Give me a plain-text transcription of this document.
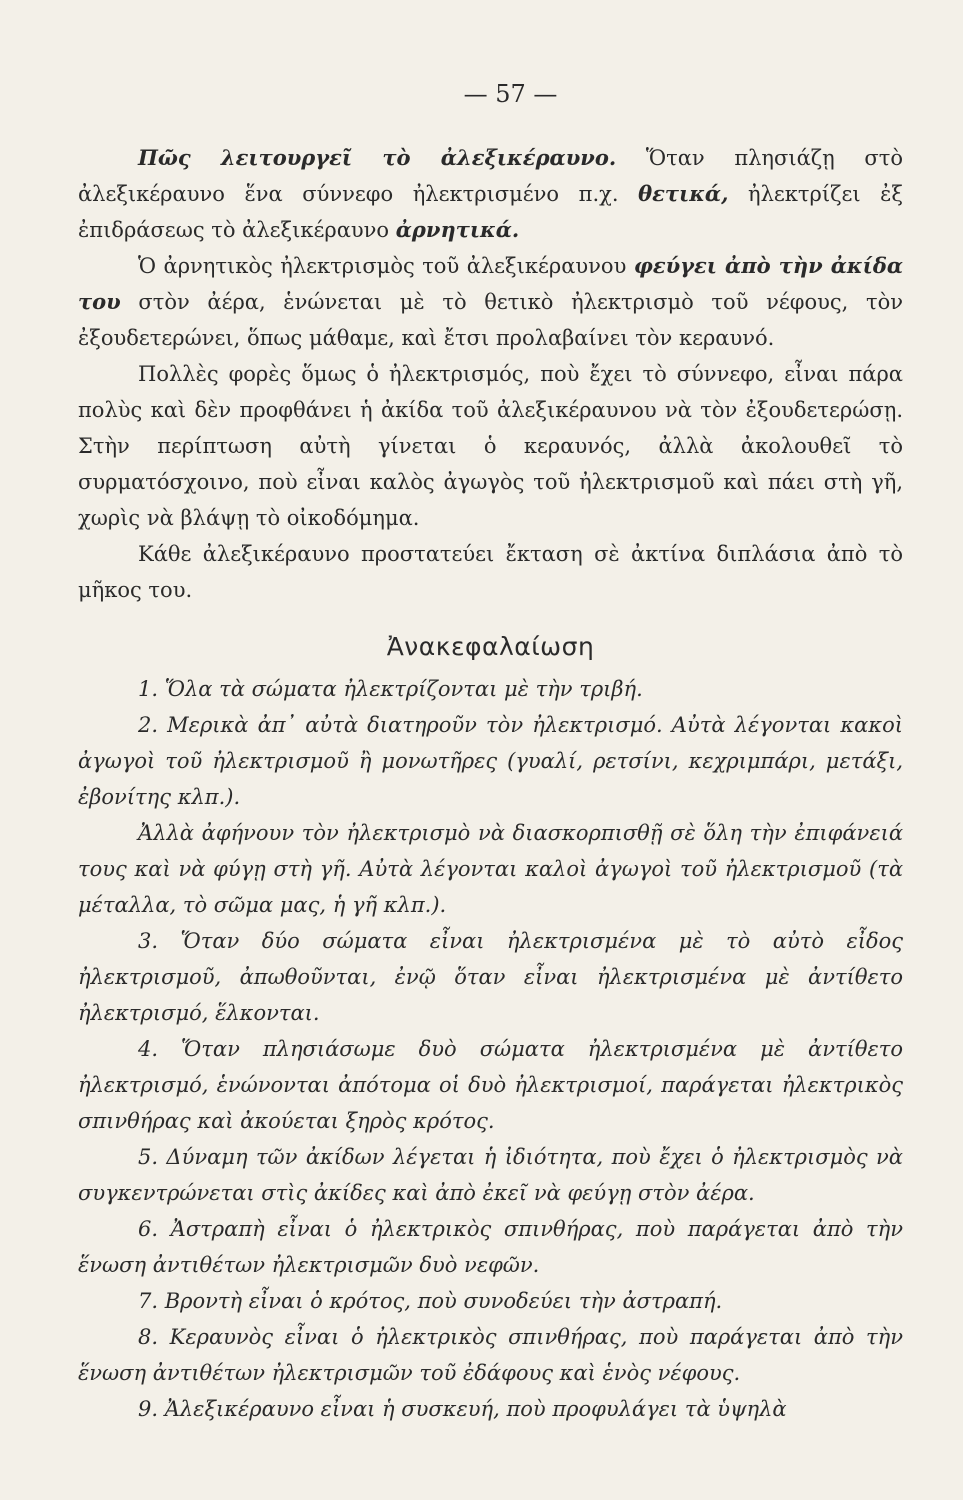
— 57 —

Πῶς λειτουργεῖ τὸ ἀλεξικέραυνο. Ὅταν πλησιάζῃ στὸ ἀλεξικέραυνο ἕνα σύννεφο ἠλεκτρισμένο π.χ. θετικά, ἠλεκτρίζει ἐξ ἐπιδράσεως τὸ ἀλεξικέραυνο ἀρνητικά.

Ὁ ἀρνητικὸς ἠλεκτρισμὸς τοῦ ἀλεξικέραυνου φεύγει ἀπὸ τὴν ἀκίδα του στὸν ἀέρα, ἑνώνεται μὲ τὸ θετικὸ ἠλεκτρισμὸ τοῦ νέφους, τὸν ἐξουδετερώνει, ὅπως μάθαμε, καὶ ἔτσι προλαβαίνει τὸν κεραυνό.

Πολλὲς φορὲς ὅμως ὁ ἠλεκτρισμός, ποὺ ἔχει τὸ σύννεφο, εἶναι πάρα πολὺς καὶ δὲν προφθάνει ἡ ἀκίδα τοῦ ἀλεξικέραυνου νὰ τὸν ἐξουδετερώσῃ. Στὴν περίπτωση αὐτὴ γίνεται ὁ κεραυνός, ἀλλὰ ἀκολουθεῖ τὸ συρματόσχοινο, ποὺ εἶναι καλὸς ἀγωγὸς τοῦ ἠλεκτρισμοῦ καὶ πάει στὴ γῆ, χωρὶς νὰ βλάψῃ τὸ οἰκοδόμημα.

Κάθε ἀλεξικέραυνο προστατεύει ἔκταση σὲ ἀκτίνα διπλάσια ἀπὸ τὸ μῆκος του.

Ἀνακεφαλαίωση

1. Ὅλα τὰ σώματα ἠλεκτρίζονται μὲ τὴν τριβή.

2. Μερικὰ ἀπ᾽ αὐτὰ διατηροῦν τὸν ἠλεκτρισμό. Αὐτὰ λέγονται κακοὶ ἀγωγοὶ τοῦ ἠλεκτρισμοῦ ἢ μονωτῆρες (γυαλί, ρετσίνι, κεχριμπάρι, μετάξι, ἐβονίτης κλπ.).

Ἀλλὰ ἀφήνουν τὸν ἠλεκτρισμὸ νὰ διασκορπισθῇ σὲ ὅλη τὴν ἐπιφάνειά τους καὶ νὰ φύγῃ στὴ γῆ. Αὐτὰ λέγονται καλοὶ ἀγωγοὶ τοῦ ἠλεκτρισμοῦ (τὰ μέταλλα, τὸ σῶμα μας, ἡ γῆ κλπ.).

3. Ὅταν δύο σώματα εἶναι ἠλεκτρισμένα μὲ τὸ αὐτὸ εἶδος ἠλεκτρισμοῦ, ἀπωθοῦνται, ἐνῷ ὅταν εἶναι ἠλεκτρισμένα μὲ ἀντίθετο ἠλεκτρισμό, ἕλκονται.

4. Ὅταν πλησιάσωμε δυὸ σώματα ἠλεκτρισμένα μὲ ἀντίθετο ἠλεκτρισμό, ἑνώνονται ἀπότομα οἱ δυὸ ἠλεκτρισμοί, παράγεται ἠλεκτρικὸς σπινθήρας καὶ ἀκούεται ξηρὸς κρότος.

5. Δύναμη τῶν ἀκίδων λέγεται ἡ ἰδιότητα, ποὺ ἔχει ὁ ἠλεκτρισμὸς νὰ συγκεντρώνεται στὶς ἀκίδες καὶ ἀπὸ ἐκεῖ νὰ φεύγῃ στὸν ἀέρα.

6. Ἀστραπὴ εἶναι ὁ ἠλεκτρικὸς σπινθήρας, ποὺ παράγεται ἀπὸ τὴν ἕνωση ἀντιθέτων ἠλεκτρισμῶν δυὸ νεφῶν.

7. Βροντὴ εἶναι ὁ κρότος, ποὺ συνοδεύει τὴν ἀστραπή.

8. Κεραυνὸς εἶναι ὁ ἠλεκτρικὸς σπινθήρας, ποὺ παράγεται ἀπὸ τὴν ἕνωση ἀντιθέτων ἠλεκτρισμῶν τοῦ ἐδάφους καὶ ἑνὸς νέφους.

9. Ἀλεξικέραυνο εἶναι ἡ συσκευή, ποὺ προφυλάγει τὰ ὑψηλὰ
